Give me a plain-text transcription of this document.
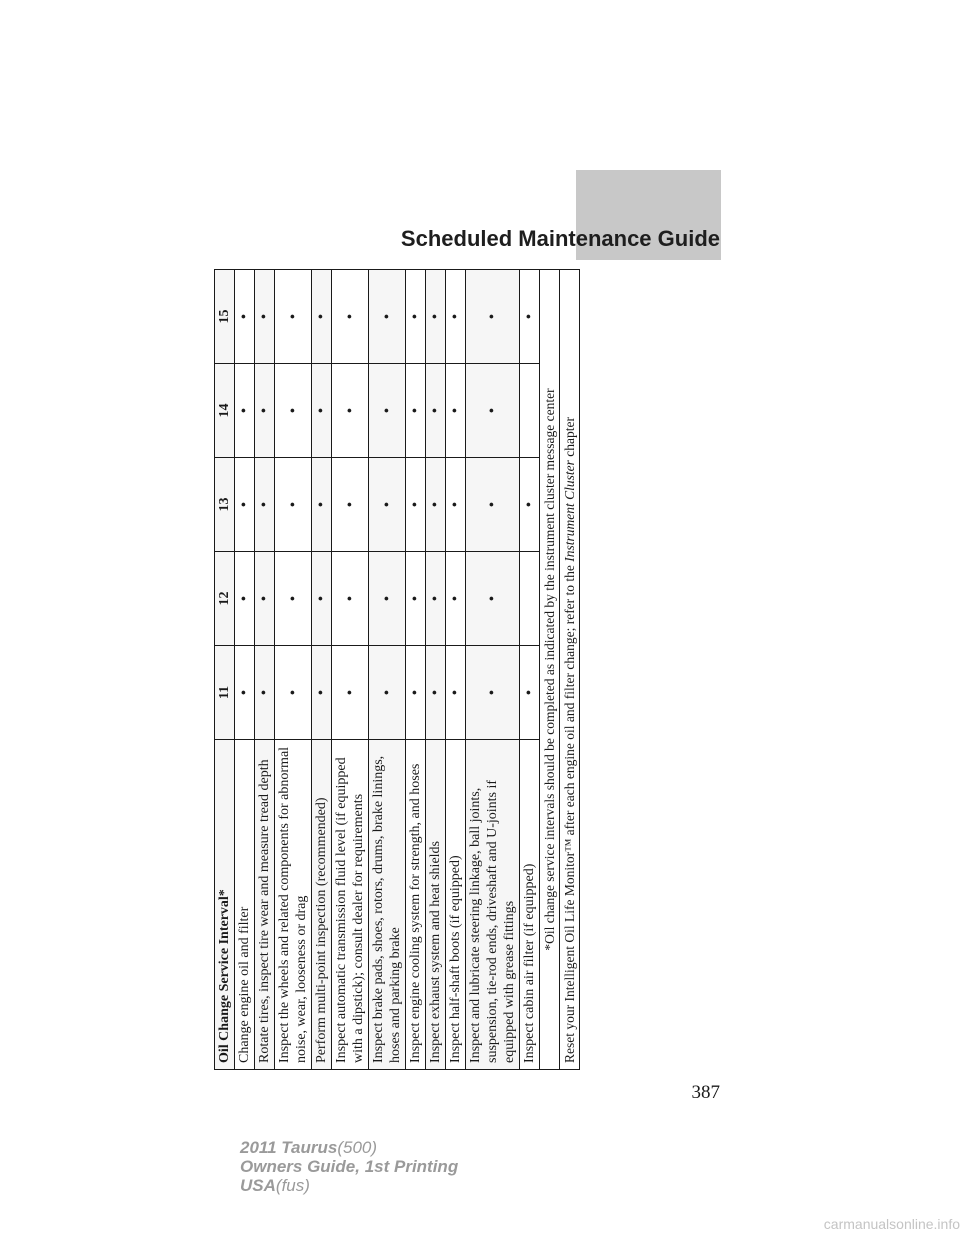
Scheduled Maintenance Guide
Oil Change Service Interval*	11	12	13	14	15
Change engine oil and filter	•	•	•	•	•
Rotate tires, inspect tire wear and measure tread depth	•	•	•	•	•
Inspect the wheels and related components for abnormal noise, wear, looseness or drag	•	•	•	•	•
Perform multi-point inspection (recommended)	•	•	•	•	•
Inspect automatic transmission fluid level (if equipped with a dipstick); consult dealer for requirements	•	•	•	•	•
Inspect brake pads, shoes, rotors, drums, brake linings, hoses and parking brake	•	•	•	•	•
Inspect engine cooling system for strength, and hoses	•	•	•	•	•
Inspect exhaust system and heat shields	•	•	•	•	•
Inspect half-shaft boots (if equipped)	•	•	•	•	•
Inspect and lubricate steering linkage, ball joints, suspension, tie-rod ends, driveshaft and U-joints if equipped with grease fittings	•	•	•	•	•
Inspect cabin air filter (if equipped)	•		•		•
*Oil change service intervals should be completed as indicated by the instrument cluster message center					
Reset your Intelligent Oil Life Monitor™ after each engine oil and filter change; refer to the Instrument Cluster chapter					
387
2011 Taurus(500)
Owners Guide, 1st Printing
USA(fus)
carmanualsonline.info
